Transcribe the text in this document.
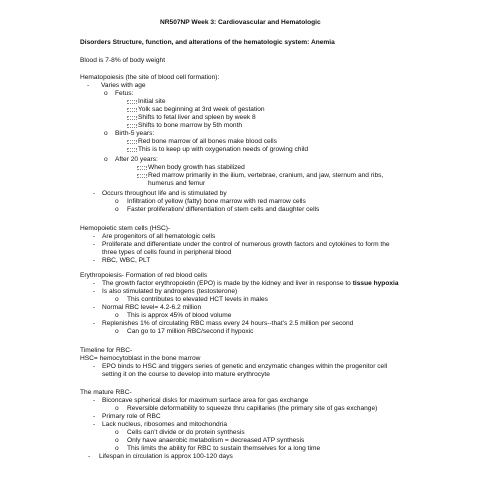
NR507NP Week 3: Cardiovascular and Hematologic

Disorders Structure, function, and alterations of the hematologic system: Anemia

Blood is 7-8% of body weight

Hematopoiesis (the site of blood cell formation):

- Varies with age

o Fetus:

Initial site

Yolk sac beginning at 3rd week of gestation

Shifts to fetal liver and spleen by week 8

Shifts to bone marrow by 5th month

o Birth-5 years:

Red bone marrow of all bones make blood cells

This is to keep up with oxygenation needs of growing child

o After 20 years:

When body growth has stabilized

Red marrow primarily in the ilium, vertebrae, cranium, and jaw, sternum and ribs,

humerus and femur

- Occurs throughout life and is stimulated by

o Infiltration of yellow (fatty) bone marrow with red marrow cells

o Faster proliferation/ differentiation of stem cells and daughter cells

Hemopoietic stem cells (HSC)-

- Are progenitors of all hematologic cells

- Proliferate and differentiate under the control of numerous growth factors and cytokines to form the

three types of cells found in peripheral blood

- RBC, WBC, PLT

Erythropoiesis- Formation of red blood cells

- The growth factor erythropoietin (EPO) is made by the kidney and liver in response to tissue hypoxia

- Is also stimulated by androgens (testosterone)

o This contributes to elevated HCT levels in males

- Normal RBC level= 4.2-6.2 million

o This is approx 45% of blood volume

- Replenishes 1% of circulating RBC mass every 24 hours--that’s 2.5 million per second

o Can go to 17 million RBC/second if hypoxic

Timeline for RBC-

HSC= hemocytoblast in the bone marrow

- EPO binds to HSC and triggers series of genetic and enzymatic changes within the progenitor cell

setting it on the course to develop into mature erythrocyte

The mature RBC-

- Biconcave spherical disks for maximum surface area for gas exchange

o Reversible deformability to squeeze thru capillaries (the primary site of gas exchange)

- Primary role of RBC

- Lack nucleus, ribosomes and mitochondria

o Cells can’t divide or do protein synthesis

o Only have anaerobic metabolism = decreased ATP synthesis

o This limits the ability for RBC to sustain themselves for a long time

- Lifespan in circulation is approx 100-120 days
